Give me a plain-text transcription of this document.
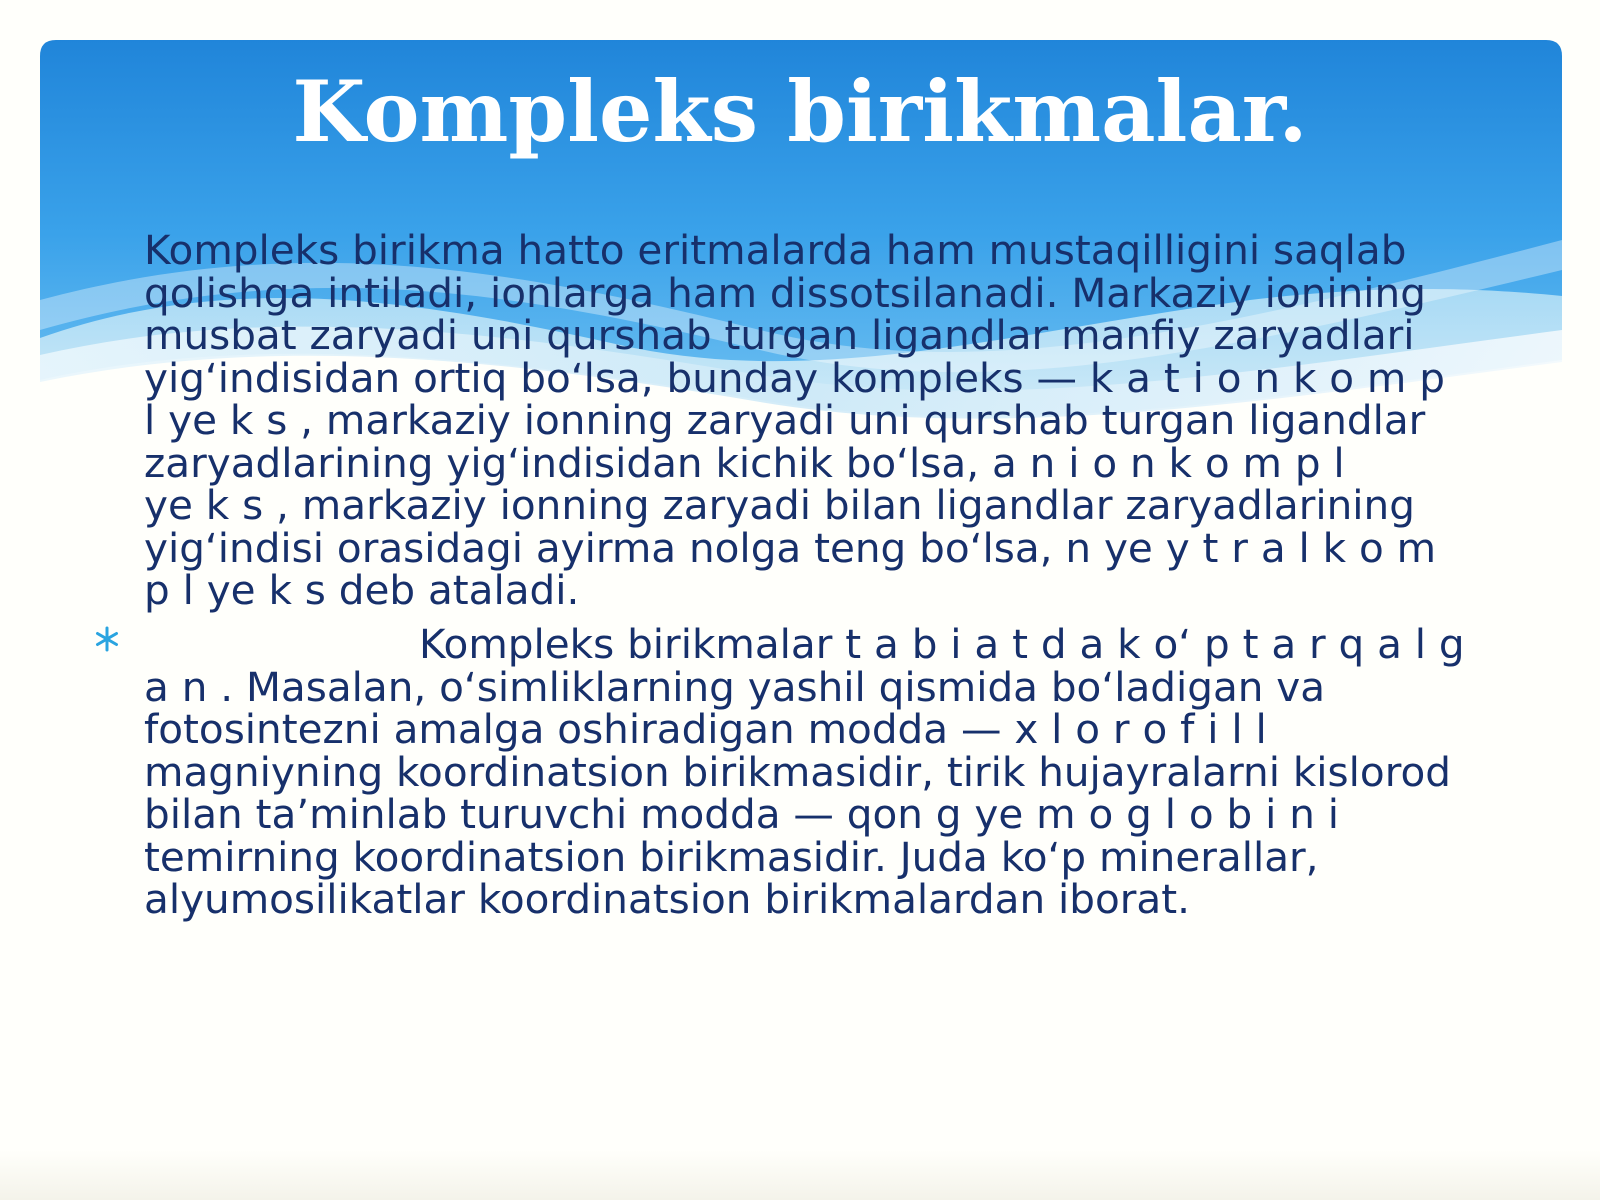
Kompleks birikmalar.
Kompleks birikma hatto eritmalarda ham mustaqilligini saqlab
qolishga intiladi, ionlarga ham dissotsilanadi. Markaziy ionining
musbat zaryadi uni qurshab turgan ligandlar manfiy zaryadlari
yig‘indisidan ortiq bo‘lsa, bunday kompleks — k a t i o n k o m p
l ye k s , markaziy ionning zaryadi uni qurshab turgan ligandlar
zaryadlarining yig‘indisidan kichik bo‘lsa, a n i o n k o m p l
ye k s , markaziy ionning zaryadi bilan ligandlar zaryadlarining
yig‘indisi orasidagi ayirma nolga teng bo‘lsa, n ye y t r a l k o m
p l ye k s deb ataladi.
Kompleks birikmalar t a b i a t d a k o‘ p t a r q a l g
a n . Masalan, o‘simliklarning yashil qismida bo‘ladigan va
fotosintezni amalga oshiradigan modda — x l o r o f i l l
magniyning koordinatsion birikmasidir, tirik hujayralarni kislorod
bilan ta’minlab turuvchi modda — qon g ye m o g l o b i n i
temirning koordinatsion birikmasidir. Juda ko‘p minerallar,
alyumosilikatlar koordinatsion birikmalardan iborat.
